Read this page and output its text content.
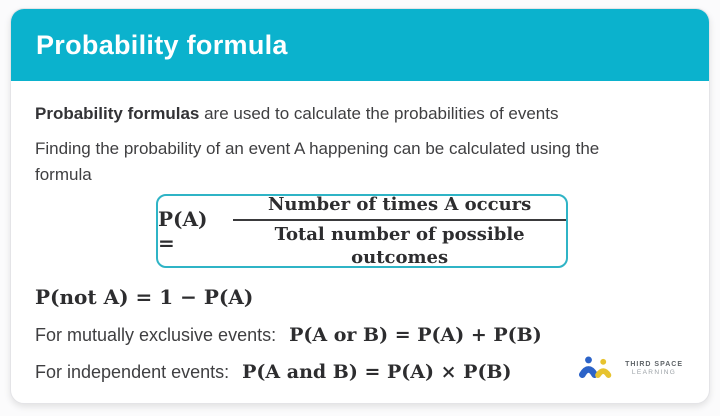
Probability formula

Probability formulas are used to calculate the probabilities of events

Finding the probability of an event A happening can be calculated using the formula

P(A) =	$\frac{\text{Number of times A occurs}}{\text{Total number of possible outcomes}}$

P(not A) = 1 − P(A)

For mutually exclusive events: P(A or B) = P(A) + P(B)
For independent events: P(A and B) = P(A) × P(B)	THIRD SPACE
LEARNING
